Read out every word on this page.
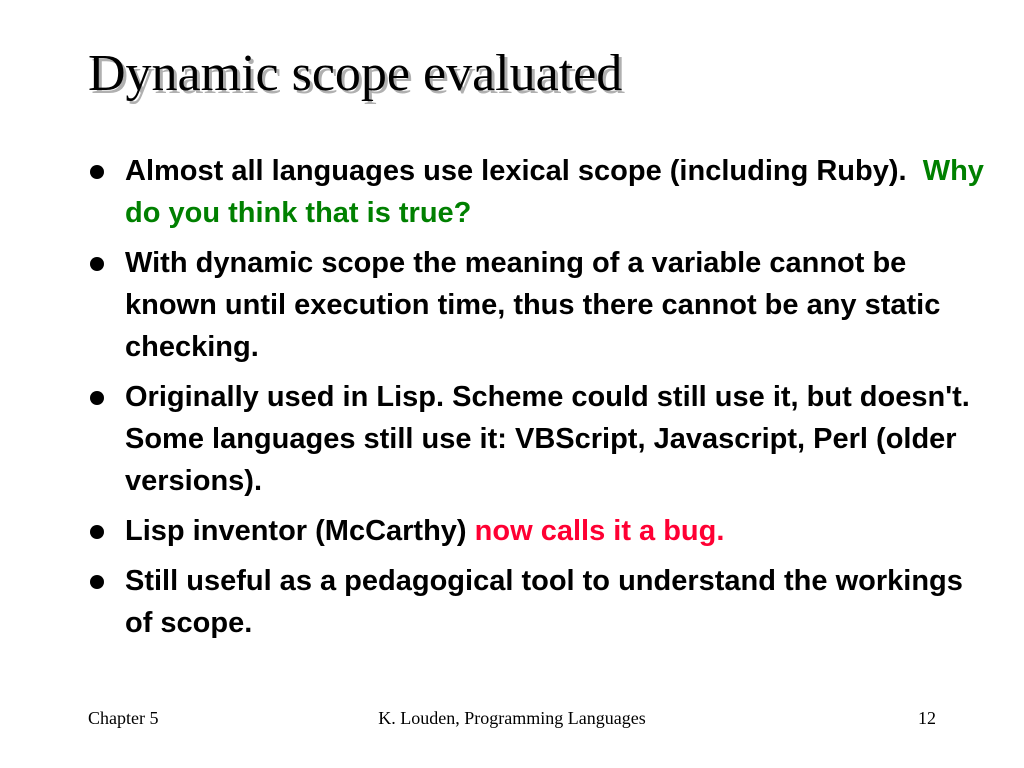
Dynamic scope evaluated
Almost all languages use lexical scope (including Ruby). Why do you think that is true?
With dynamic scope the meaning of a variable cannot be known until execution time, thus there cannot be any static checking.
Originally used in Lisp. Scheme could still use it, but doesn't. Some languages still use it: VBScript, Javascript, Perl (older versions).
Lisp inventor (McCarthy) now calls it a bug.
Still useful as a pedagogical tool to understand the workings of scope.
Chapter 5	K. Louden, Programming Languages	12
